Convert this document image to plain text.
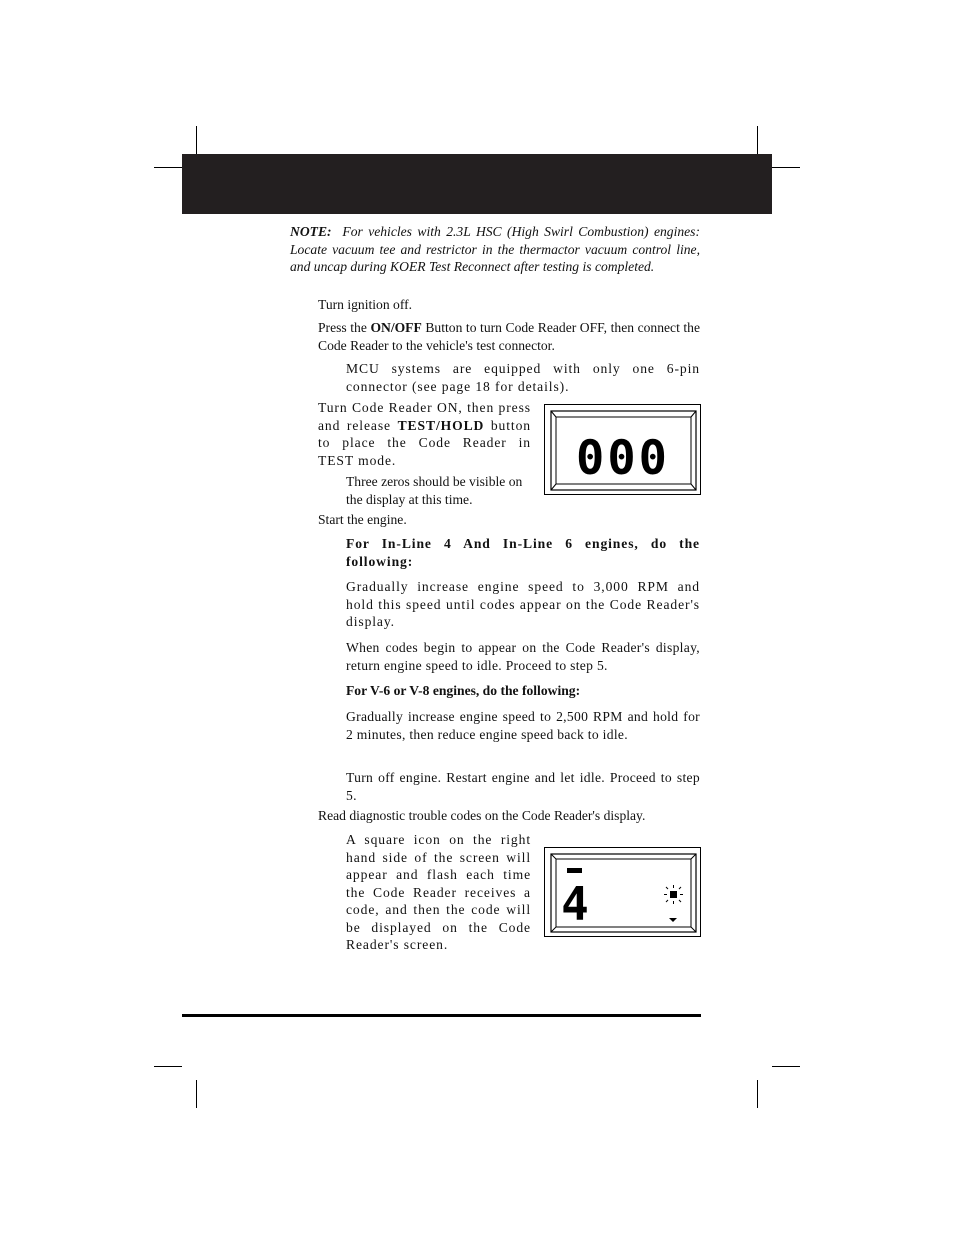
NOTE: For vehicles with 2.3L HSC (High Swirl Combustion) engines: Locate vacuum tee and restrictor in the thermactor vacuum control line, and uncap during KOER Test Reconnect after testing is completed.
Turn ignition off.
Press the ON/OFF Button to turn Code Reader OFF, then connect the Code Reader to the vehicle's test connector.
MCU systems are equipped with only one 6-pin connector (see page 18 for details).
Turn Code Reader ON, then press and release TEST/HOLD button to place the Code Reader in TEST mode.	000
Three zeros should be visible on the display at this time.
Start the engine.
For In-Line 4 And In-Line 6 engines, do the following:
Gradually increase engine speed to 3,000 RPM and hold this speed until codes appear on the Code Reader's display.
When codes begin to appear on the Code Reader's display, return engine speed to idle. Proceed to step 5.
For V-6 or V-8 engines, do the following:
Gradually increase engine speed to 2,500 RPM and hold for 2 minutes, then reduce engine speed back to idle.
Turn off engine. Restart engine and let idle. Proceed to step 5.
Read diagnostic trouble codes on the Code Reader's display.
A square icon on the right hand side of the screen will appear and flash each time the Code Reader receives a code, and then the code will be displayed on the Code Reader's screen.
4
